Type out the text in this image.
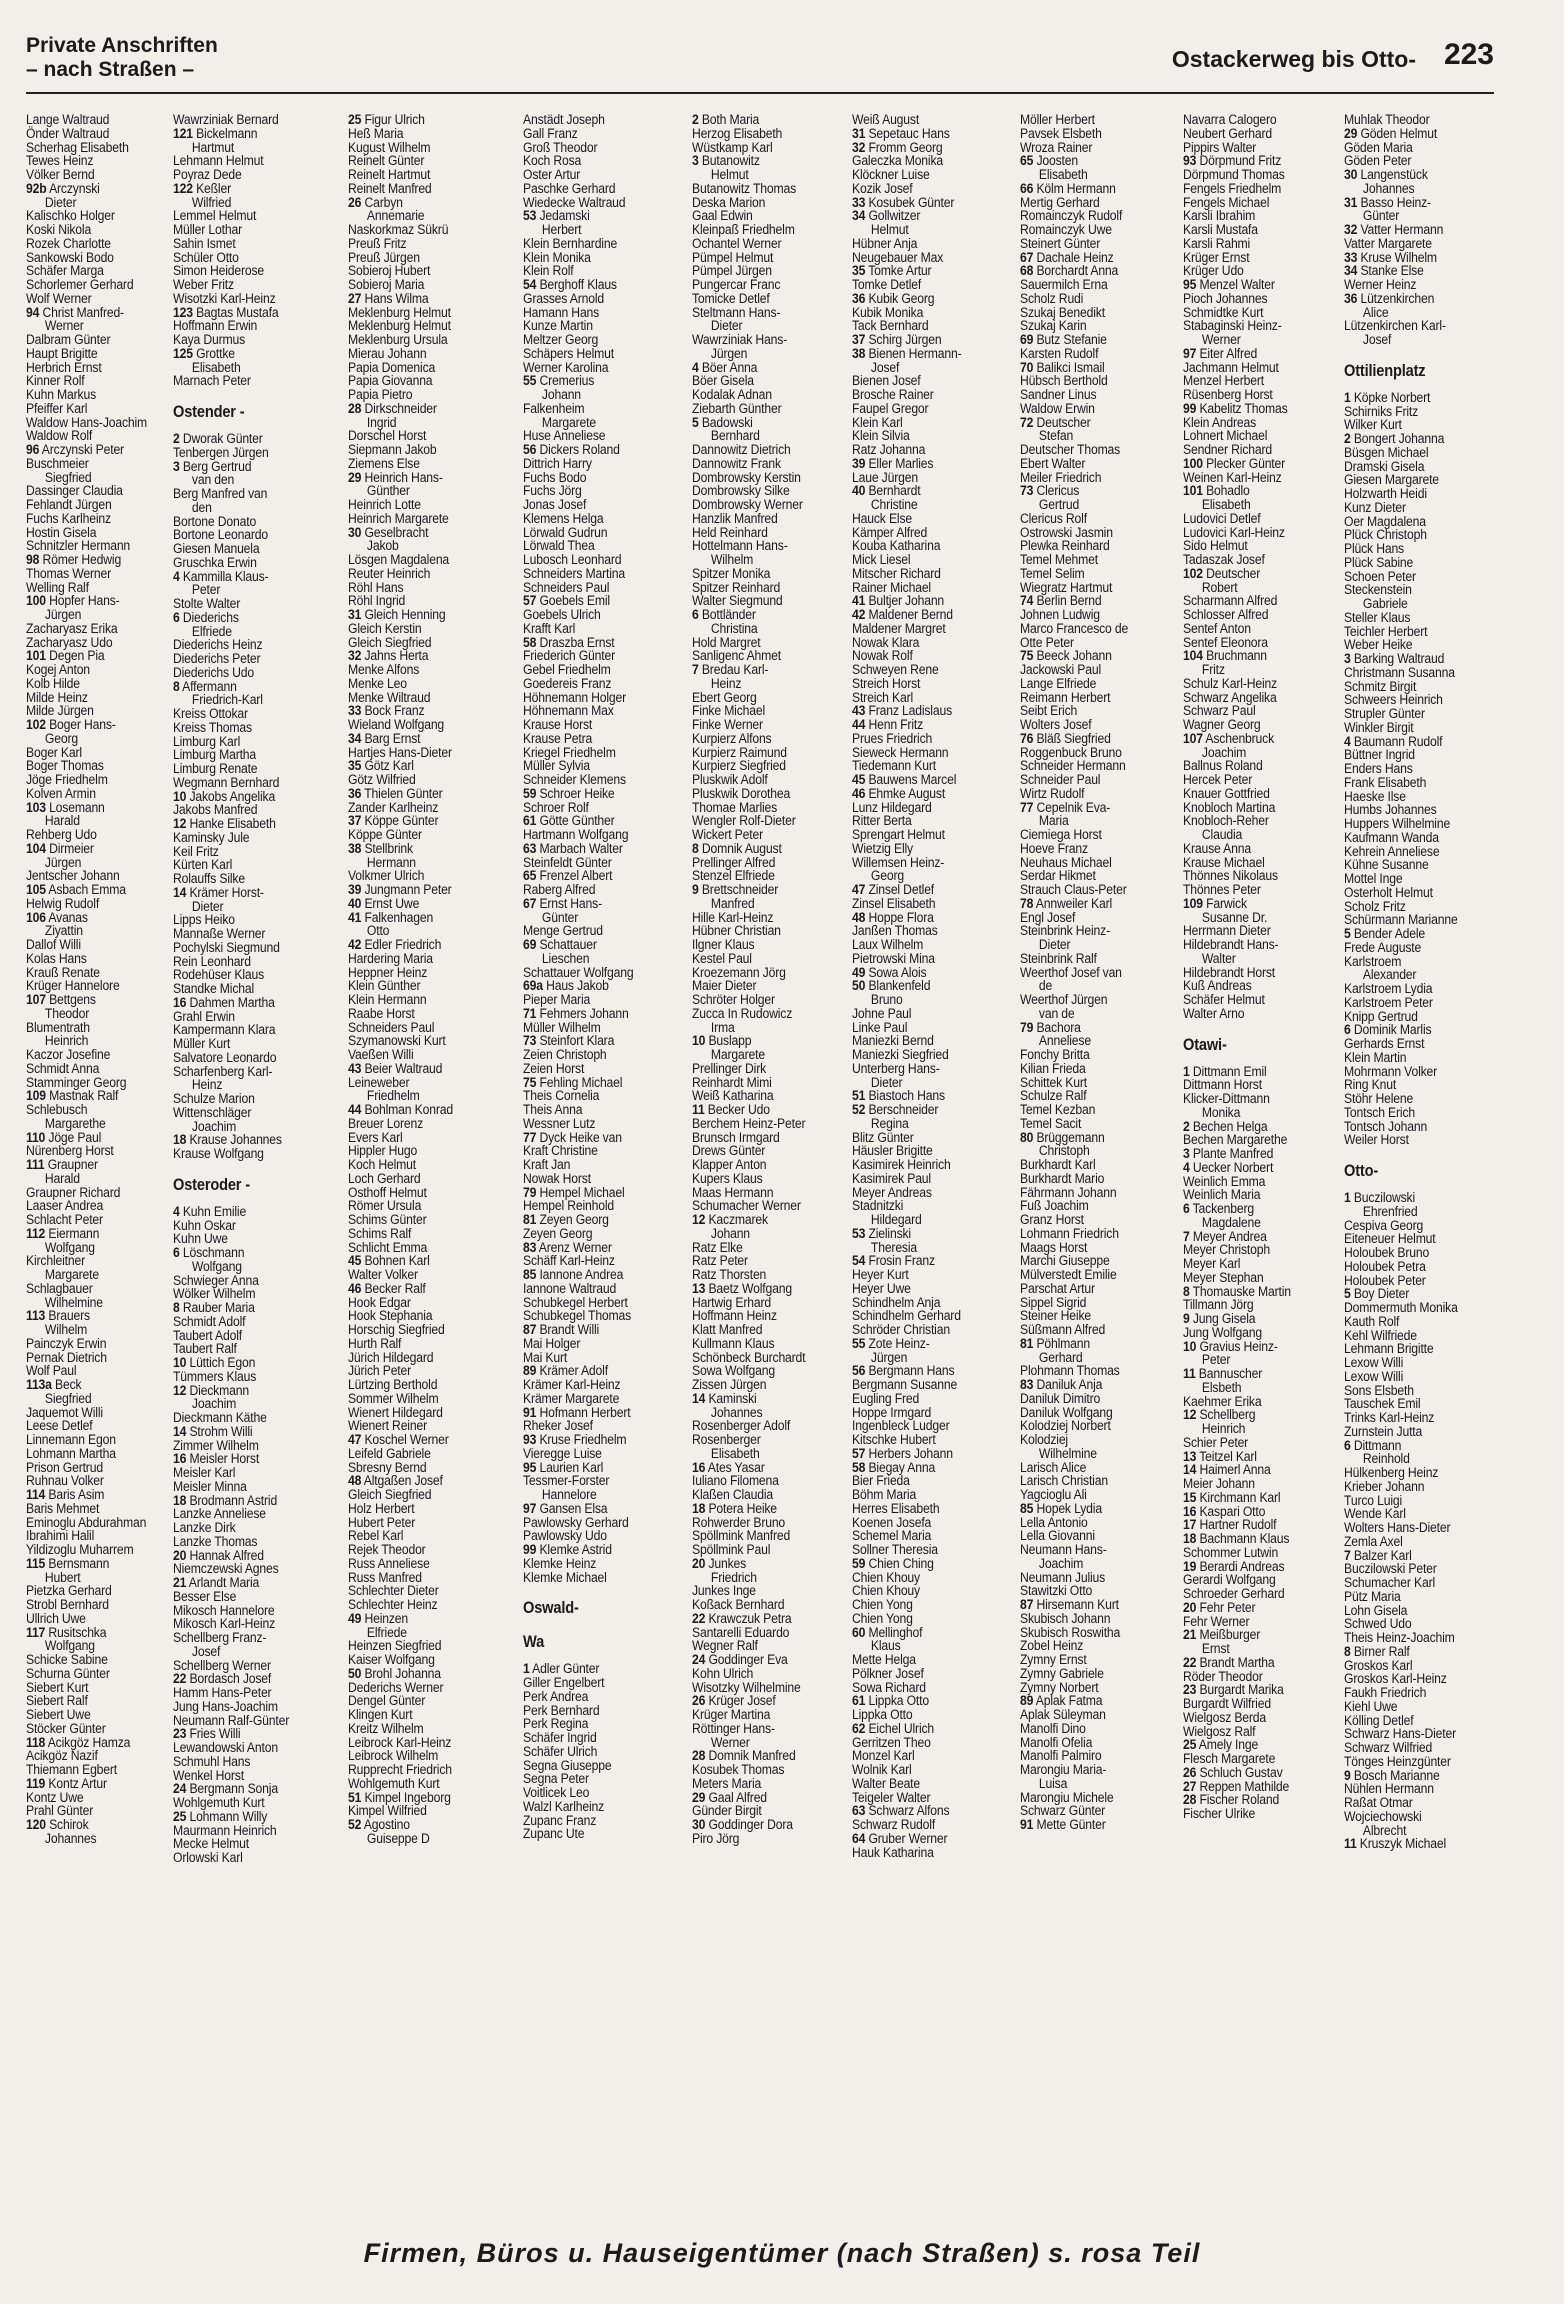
Private Anschriften
– nach Straßen –	Ostackerweg bis Otto- 223
Lange Waltraud
Önder Waltraud
Scherhag Elisabeth
Tewes Heinz
Völker Bernd
92b Arczynski
Dieter
Kalischko Holger
Koski Nikola
Rozek Charlotte
Sankowski Bodo
Schäfer Marga
Schorlemer Gerhard
Wolf Werner
94 Christ Manfred-
Werner
Dalbram Günter
Haupt Brigitte
Herbrich Ernst
Kinner Rolf
Kuhn Markus
Pfeiffer Karl
Waldow Hans-Joachim
Waldow Rolf
96 Arczynski Peter
Buschmeier
Siegfried
Dassinger Claudia
Fehlandt Jürgen
Fuchs Karlheinz
Hostin Gisela
Schnitzler Hermann
98 Römer Hedwig
Thomas Werner
Welling Ralf
100 Hopfer Hans-
Jürgen
Zacharyasz Erika
Zacharyasz Udo
101 Degen Pia
Kogej Anton
Kolb Hilde
Milde Heinz
Milde Jürgen
102 Boger Hans-
Georg
Boger Karl
Boger Thomas
Jöge Friedhelm
Kolven Armin
103 Losemann
Harald
Rehberg Udo
104 Dirmeier
Jürgen
Jentscher Johann
105 Asbach Emma
Helwig Rudolf
106 Avanas
Ziyattin
Dallof Willi
Kolas Hans
Krauß Renate
Krüger Hannelore
107 Bettgens
Theodor
Blumentrath
Heinrich
Kaczor Josefine
Schmidt Anna
Stamminger Georg
109 Mastnak Ralf
Schlebusch
Margarethe
110 Jöge Paul
Nürenberg Horst
111 Graupner
Harald
Graupner Richard
Laaser Andrea
Schlacht Peter
112 Eiermann
Wolfgang
Kirchleitner
Margarete
Schlagbauer
Wilhelmine
113 Brauers
Wilhelm
Painczyk Erwin
Pernak Dietrich
Wolf Paul
113a Beck
Siegfried
Jaquemot Willi
Leese Detlef
Linnemann Egon
Lohmann Martha
Prison Gertrud
Ruhnau Volker
114 Baris Asim
Baris Mehmet
Eminoglu Abdurahman
Ibrahimi Halil
Yildizoglu Muharrem
115 Bernsmann
Hubert
Pietzka Gerhard
Strobl Bernhard
Ullrich Uwe
117 Rusitschka
Wolfgang
Schicke Sabine
Schurna Günter
Siebert Kurt
Siebert Ralf
Siebert Uwe
Stöcker Günter
118 Acikgöz Hamza
Acikgöz Nazif
Thiemann Egbert
119 Kontz Artur
Kontz Uwe
Prahl Günter
120 Schirok
Johannes
Wawrziniak Bernard
121 Bickelmann
Hartmut
Lehmann Helmut
Poyraz Dede
122 Keßler
Wilfried
Lemmel Helmut
Müller Lothar
Sahin Ismet
Schüler Otto
Simon Heiderose
Weber Fritz
Wisotzki Karl-Heinz
123 Bagtas Mustafa
Hoffmann Erwin
Kaya Durmus
125 Grottke
Elisabeth
Marnach Peter
Ostender -
2 Dworak Günter
Tenbergen Jürgen
3 Berg Gertrud
van den
Berg Manfred van
den
Bortone Donato
Bortone Leonardo
Giesen Manuela
Gruschka Erwin
4 Kammilla Klaus-
Peter
Stolte Walter
6 Diederichs
Elfriede
Diederichs Heinz
Diederichs Peter
Diederichs Udo
8 Affermann
Friedrich-Karl
Kreiss Ottokar
Kreiss Thomas
Limburg Karl
Limburg Martha
Limburg Renate
Wegmann Bernhard
10 Jakobs Angelika
Jakobs Manfred
12 Hanke Elisabeth
Kaminsky Jule
Keil Fritz
Kürten Karl
Rolauffs Silke
14 Krämer Horst-
Dieter
Lipps Heiko
Mannaße Werner
Pochylski Siegmund
Rein Leonhard
Rodehüser Klaus
Standke Michal
16 Dahmen Martha
Grahl Erwin
Kampermann Klara
Müller Kurt
Salvatore Leonardo
Scharfenberg Karl-
Heinz
Schulze Marion
Wittenschläger
Joachim
18 Krause Johannes
Krause Wolfgang
Osteroder -
4 Kuhn Emilie
Kuhn Oskar
Kuhn Uwe
6 Löschmann
Wolfgang
Schwieger Anna
Wölker Wilhelm
8 Rauber Maria
Schmidt Adolf
Taubert Adolf
Taubert Ralf
10 Lüttich Egon
Tümmers Klaus
12 Dieckmann
Joachim
Dieckmann Käthe
14 Strohm Willi
Zimmer Wilhelm
16 Meisler Horst
Meisler Karl
Meisler Minna
18 Brodmann Astrid
Lanzke Anneliese
Lanzke Dirk
Lanzke Thomas
20 Hannak Alfred
Niemczewski Agnes
21 Arlandt Maria
Besser Else
Mikosch Hannelore
Mikosch Karl-Heinz
Schellberg Franz-
Josef
Schellberg Werner
22 Bordasch Josef
Hamm Hans-Peter
Jung Hans-Joachim
Neumann Ralf-Günter
23 Fries Willi
Lewandowski Anton
Schmuhl Hans
Wenkel Horst
24 Bergmann Sonja
Wohlgemuth Kurt
25 Lohmann Willy
Maurmann Heinrich
Mecke Helmut
Orlowski Karl
25 Figur Ulrich
Heß Maria
Kugust Wilhelm
Reinelt Günter
Reinelt Hartmut
Reinelt Manfred
26 Carbyn
Annemarie
Naskorkmaz Sükrü
Preuß Fritz
Preuß Jürgen
Sobieroj Hubert
Sobieroj Maria
27 Hans Wilma
Meklenburg Helmut
Meklenburg Helmut
Meklenburg Ursula
Mierau Johann
Papia Domenica
Papia Giovanna
Papia Pietro
28 Dirkschneider
Ingrid
Dorschel Horst
Siepmann Jakob
Ziemens Else
29 Heinrich Hans-
Günther
Heinrich Lotte
Heinrich Margarete
30 Geselbracht
Jakob
Lösgen Magdalena
Reuter Heinrich
Röhl Hans
Röhl Ingrid
31 Gleich Henning
Gleich Kerstin
Gleich Siegfried
32 Jahns Herta
Menke Alfons
Menke Leo
Menke Wiltraud
33 Bock Franz
Wieland Wolfgang
34 Barg Ernst
Hartjes Hans-Dieter
35 Götz Karl
Götz Wilfried
36 Thielen Günter
Zander Karlheinz
37 Köppe Günter
Köppe Günter
38 Stellbrink
Hermann
Volkmer Ulrich
39 Jungmann Peter
40 Ernst Uwe
41 Falkenhagen
Otto
42 Edler Friedrich
Hardering Maria
Heppner Heinz
Klein Günther
Klein Hermann
Raabe Horst
Schneiders Paul
Szymanowski Kurt
Vaeßen Willi
43 Beier Waltraud
Leineweber
Friedhelm
44 Bohlman Konrad
Breuer Lorenz
Evers Karl
Hippler Hugo
Koch Helmut
Loch Gerhard
Osthoff Helmut
Römer Ursula
Schims Günter
Schims Ralf
Schlicht Emma
45 Bohnen Karl
Walter Volker
46 Becker Ralf
Hook Edgar
Hook Stephania
Horschig Siegfried
Hurth Ralf
Jürich Hildegard
Jürich Peter
Lürtzing Berthold
Sommer Wilhelm
Wienert Hildegard
Wienert Reiner
47 Koschel Werner
Leifeld Gabriele
Sbresny Bernd
48 Altgaßen Josef
Gleich Siegfried
Holz Herbert
Hubert Peter
Rebel Karl
Rejek Theodor
Russ Anneliese
Russ Manfred
Schlechter Dieter
Schlechter Heinz
49 Heinzen
Elfriede
Heinzen Siegfried
Kaiser Wolfgang
50 Brohl Johanna
Dederichs Werner
Dengel Günter
Klingen Kurt
Kreitz Wilhelm
Leibrock Karl-Heinz
Leibrock Wilhelm
Rupprecht Friedrich
Wohlgemuth Kurt
51 Kimpel Ingeborg
Kimpel Wilfried
52 Agostino
Guiseppe D
Anstädt Joseph
Gall Franz
Groß Theodor
Koch Rosa
Oster Artur
Paschke Gerhard
Wiedecke Waltraud
53 Jedamski
Herbert
Klein Bernhardine
Klein Monika
Klein Rolf
54 Berghoff Klaus
Grasses Arnold
Hamann Hans
Kunze Martin
Meltzer Georg
Schäpers Helmut
Werner Karolina
55 Cremerius
Johann
Falkenheim
Margarete
Huse Anneliese
56 Dickers Roland
Dittrich Harry
Fuchs Bodo
Fuchs Jörg
Jonas Josef
Klemens Helga
Lörwald Gudrun
Lörwald Thea
Lubosch Leonhard
Schneiders Martina
Schneiders Paul
57 Goebels Emil
Goebels Ulrich
Krafft Karl
58 Draszba Ernst
Friederich Günter
Gebel Friedhelm
Goedereis Franz
Höhnemann Holger
Höhnemann Max
Krause Horst
Krause Petra
Kriegel Friedhelm
Müller Sylvia
Schneider Klemens
59 Schroer Heike
Schroer Rolf
61 Götte Günther
Hartmann Wolfgang
63 Marbach Walter
Steinfeldt Günter
65 Frenzel Albert
Raberg Alfred
67 Ernst Hans-
Günter
Menge Gertrud
69 Schattauer
Lieschen
Schattauer Wolfgang
69a Haus Jakob
Pieper Maria
71 Fehmers Johann
Müller Wilhelm
73 Steinfort Klara
Zeien Christoph
Zeien Horst
75 Fehling Michael
Theis Cornelia
Theis Anna
Wessner Lutz
77 Dyck Heike van
Kraft Christine
Kraft Jan
Nowak Horst
79 Hempel Michael
Hempel Reinhold
81 Zeyen Georg
Zeyen Georg
83 Arenz Werner
Schäff Karl-Heinz
85 Iannone Andrea
Iannone Waltraud
Schubkegel Herbert
Schubkegel Thomas
87 Brandt Willi
Mai Holger
Mai Kurt
89 Krämer Adolf
Krämer Karl-Heinz
Krämer Margarete
91 Hofmann Herbert
Rheker Josef
93 Kruse Friedhelm
Vieregge Luise
95 Laurien Karl
Tessmer-Forster
Hannelore
97 Gansen Elsa
Pawlowsky Gerhard
Pawlowsky Udo
99 Klemke Astrid
Klemke Heinz
Klemke Michael
Oswald-
Wa
1 Adler Günter
Giller Engelbert
Perk Andrea
Perk Bernhard
Perk Regina
Schäfer Ingrid
Schäfer Ulrich
Segna Giuseppe
Segna Peter
Voitlicek Leo
Walzl Karlheinz
Zupanc Franz
Zupanc Ute
2 Both Maria
Herzog Elisabeth
Wüstkamp Karl
3 Butanowitz
Helmut
Butanowitz Thomas
Deska Marion
Gaal Edwin
Kleinpaß Friedhelm
Ochantel Werner
Pümpel Helmut
Pümpel Jürgen
Pungercar Franc
Tomicke Detlef
Steltmann Hans-
Dieter
Wawrziniak Hans-
Jürgen
4 Böer Anna
Böer Gisela
Kodalak Adnan
Ziebarth Günther
5 Badowski
Bernhard
Dannowitz Dietrich
Dannowitz Frank
Dombrowsky Kerstin
Dombrowsky Silke
Dombrowsky Werner
Hanzlik Manfred
Held Reinhard
Hottelmann Hans-
Wilhelm
Spitzer Monika
Spitzer Reinhard
Walter Siegmund
6 Bottländer
Christina
Hold Margret
Sanligenc Ahmet
7 Bredau Karl-
Heinz
Ebert Georg
Finke Michael
Finke Werner
Kurpierz Alfons
Kurpierz Raimund
Kurpierz Siegfried
Pluskwik Adolf
Pluskwik Dorothea
Thomae Marlies
Wengler Rolf-Dieter
Wickert Peter
8 Domnik August
Prellinger Alfred
Stenzel Elfriede
9 Brettschneider
Manfred
Hille Karl-Heinz
Hübner Christian
Ilgner Klaus
Kestel Paul
Kroezemann Jörg
Maier Dieter
Schröter Holger
Zucca In Rudowicz
Irma
10 Buslapp
Margarete
Prellinger Dirk
Reinhardt Mimi
Weiß Katharina
11 Becker Udo
Berchem Heinz-Peter
Brunsch Irmgard
Drews Günter
Klapper Anton
Kupers Klaus
Maas Hermann
Schumacher Werner
12 Kaczmarek
Johann
Ratz Elke
Ratz Peter
Ratz Thorsten
13 Baetz Wolfgang
Hartwig Erhard
Hoffmann Heinz
Klatt Manfred
Kullmann Klaus
Schönbeck Burchardt
Sowa Wolfgang
Zissen Jürgen
14 Kaminski
Johannes
Rosenberger Adolf
Rosenberger
Elisabeth
16 Ates Yasar
Iuliano Filomena
Klaßen Claudia
18 Potera Heike
Rohwerder Bruno
Spöllmink Manfred
Spöllmink Paul
20 Junkes
Friedrich
Junkes Inge
Koßack Bernhard
22 Krawczuk Petra
Santarelli Eduardo
Wegner Ralf
24 Goddinger Eva
Kohn Ulrich
Wisotzky Wilhelmine
26 Krüger Josef
Krüger Martina
Röttinger Hans-
Werner
28 Domnik Manfred
Kosubek Thomas
Meters Maria
29 Gaal Alfred
Günder Birgit
30 Goddinger Dora
Piro Jörg
Weiß August
31 Sepetauc Hans
32 Fromm Georg
Galeczka Monika
Klöckner Luise
Kozik Josef
33 Kosubek Günter
34 Gollwitzer
Helmut
Hübner Anja
Neugebauer Max
35 Tomke Artur
Tomke Detlef
36 Kubik Georg
Kubik Monika
Tack Bernhard
37 Schirg Jürgen
38 Bienen Hermann-
Josef
Bienen Josef
Brosche Rainer
Faupel Gregor
Klein Karl
Klein Silvia
Ratz Johanna
39 Eller Marlies
Laue Jürgen
40 Bernhardt
Christine
Hauck Else
Kämper Alfred
Kouba Katharina
Mick Liesel
Mitscher Richard
Rainer Michael
41 Bultjer Johann
42 Maldener Bernd
Maldener Margret
Nowak Klara
Nowak Rolf
Schweyen Rene
Streich Horst
Streich Karl
43 Franz Ladislaus
44 Henn Fritz
Prues Friedrich
Sieweck Hermann
Tiedemann Kurt
45 Bauwens Marcel
46 Ehmke August
Lunz Hildegard
Ritter Berta
Sprengart Helmut
Wietzig Elly
Willemsen Heinz-
Georg
47 Zinsel Detlef
Zinsel Elisabeth
48 Hoppe Flora
Janßen Thomas
Laux Wilhelm
Pietrowski Mina
49 Sowa Alois
50 Blankenfeld
Bruno
Johne Paul
Linke Paul
Maniezki Bernd
Maniezki Siegfried
Unterberg Hans-
Dieter
51 Biastoch Hans
52 Berschneider
Regina
Blitz Günter
Häusler Brigitte
Kasimirek Heinrich
Kasimirek Paul
Meyer Andreas
Stadnitzki
Hildegard
53 Zielinski
Theresia
54 Frosin Franz
Heyer Kurt
Heyer Uwe
Schindhelm Anja
Schindhelm Gerhard
Schröder Christian
55 Zote Heinz-
Jürgen
56 Bergmann Hans
Bergmann Susanne
Eugling Fred
Hoppe Irmgard
Ingenbleck Ludger
Kitschke Hubert
57 Herbers Johann
58 Biegay Anna
Bier Frieda
Böhm Maria
Herres Elisabeth
Koenen Josefa
Schemel Maria
Sollner Theresia
59 Chien Ching
Chien Khouy
Chien Khouy
Chien Yong
Chien Yong
60 Mellinghof
Klaus
Mette Helga
Pölkner Josef
Sowa Richard
61 Lippka Otto
Lippka Otto
62 Eichel Ulrich
Gerritzen Theo
Monzel Karl
Wolnik Karl
Walter Beate
Teigeler Walter
63 Schwarz Alfons
Schwarz Rudolf
64 Gruber Werner
Hauk Katharina
Möller Herbert
Pavsek Elsbeth
Wroza Rainer
65 Joosten
Elisabeth
66 Kölm Hermann
Mertig Gerhard
Romainczyk Rudolf
Romainczyk Uwe
Steinert Günter
67 Dachale Heinz
68 Borchardt Anna
Sauermilch Erna
Scholz Rudi
Szukaj Benedikt
Szukaj Karin
69 Butz Stefanie
Karsten Rudolf
70 Balikci Ismail
Hübsch Berthold
Sandner Linus
Waldow Erwin
72 Deutscher
Stefan
Deutscher Thomas
Ebert Walter
Meiler Friedrich
73 Clericus
Gertrud
Clericus Rolf
Ostrowski Jasmin
Plewka Reinhard
Temel Mehmet
Temel Selim
Wiegratz Hartmut
74 Berlin Bernd
Johnen Ludwig
Marco Francesco de
Otte Peter
75 Beeck Johann
Jackowski Paul
Lange Elfriede
Reimann Herbert
Seibt Erich
Wolters Josef
76 Bläß Siegfried
Roggenbuck Bruno
Schneider Hermann
Schneider Paul
Wirtz Rudolf
77 Cepelnik Eva-
Maria
Ciemiega Horst
Hoeve Franz
Neuhaus Michael
Serdar Hikmet
Strauch Claus-Peter
78 Annweiler Karl
Engl Josef
Steinbrink Heinz-
Dieter
Steinbrink Ralf
Weerthof Josef van
de
Weerthof Jürgen
van de
79 Bachora
Anneliese
Fonchy Britta
Kilian Frieda
Schittek Kurt
Schulze Ralf
Temel Kezban
Temel Sacit
80 Brüggemann
Christoph
Burkhardt Karl
Burkhardt Mario
Fährmann Johann
Fuß Joachim
Granz Horst
Lohmann Friedrich
Maags Horst
Marchi Giuseppe
Mülverstedt Emilie
Parschat Artur
Sippel Sigrid
Steiner Heike
Süßmann Alfred
81 Pöhlmann
Gerhard
Plohmann Thomas
83 Daniluk Anja
Daniluk Dimitro
Daniluk Wolfgang
Kolodziej Norbert
Kolodziej
Wilhelmine
Larisch Alice
Larisch Christian
Yagcioglu Ali
85 Hopek Lydia
Lella Antonio
Lella Giovanni
Neumann Hans-
Joachim
Neumann Julius
Stawitzki Otto
87 Hirsemann Kurt
Skubisch Johann
Skubisch Roswitha
Zobel Heinz
Zymny Ernst
Zymny Gabriele
Zymny Norbert
89 Aplak Fatma
Aplak Süleyman
Manolfi Dino
Manolfi Ofelia
Manolfi Palmiro
Marongiu Maria-
Luisa
Marongiu Michele
Schwarz Günter
91 Mette Günter
Navarra Calogero
Neubert Gerhard
Pippirs Walter
93 Dörpmund Fritz
Dörpmund Thomas
Fengels Friedhelm
Fengels Michael
Karsli Ibrahim
Karsli Mustafa
Karsli Rahmi
Krüger Ernst
Krüger Udo
95 Menzel Walter
Pioch Johannes
Schmidtke Kurt
Stabaginski Heinz-
Werner
97 Eiter Alfred
Jachmann Helmut
Menzel Herbert
Rüsenberg Horst
99 Kabelitz Thomas
Klein Andreas
Lohnert Michael
Sendner Richard
100 Plecker Günter
Weinen Karl-Heinz
101 Bohadlo
Elisabeth
Ludovici Detlef
Ludovici Karl-Heinz
Sido Helmut
Tadaszak Josef
102 Deutscher
Robert
Scharmann Alfred
Schlosser Alfred
Sentef Anton
Sentef Eleonora
104 Bruchmann
Fritz
Schulz Karl-Heinz
Schwarz Angelika
Schwarz Paul
Wagner Georg
107 Aschenbruck
Joachim
Ballnus Roland
Hercek Peter
Knauer Gottfried
Knobloch Martina
Knobloch-Reher
Claudia
Krause Anna
Krause Michael
Thönnes Nikolaus
Thönnes Peter
109 Farwick
Susanne Dr.
Herrmann Dieter
Hildebrandt Hans-
Walter
Hildebrandt Horst
Kuß Andreas
Schäfer Helmut
Walter Arno
Otawi-
1 Dittmann Emil
Dittmann Horst
Klicker-Dittmann
Monika
2 Bechen Helga
Bechen Margarethe
3 Plante Manfred
4 Uecker Norbert
Weinlich Emma
Weinlich Maria
6 Tackenberg
Magdalene
7 Meyer Andrea
Meyer Christoph
Meyer Karl
Meyer Stephan
8 Thomauske Martin
Tillmann Jörg
9 Jung Gisela
Jung Wolfgang
10 Gravius Heinz-
Peter
11 Bannuscher
Elsbeth
Kaehmer Erika
12 Schellberg
Heinrich
Schier Peter
13 Teitzel Karl
14 Haimerl Anna
Meier Johann
15 Kirchmann Karl
16 Kaspari Otto
17 Hartner Rudolf
18 Bachmann Klaus
Schommer Lutwin
19 Berardi Andreas
Gerardi Wolfgang
Schroeder Gerhard
20 Fehr Peter
Fehr Werner
21 Meißburger
Ernst
22 Brandt Martha
Röder Theodor
23 Burgardt Marika
Burgardt Wilfried
Wielgosz Berda
Wielgosz Ralf
25 Amely Inge
Flesch Margarete
26 Schluch Gustav
27 Reppen Mathilde
28 Fischer Roland
Fischer Ulrike
Muhlak Theodor
29 Göden Helmut
Göden Maria
Göden Peter
30 Langenstück
Johannes
31 Basso Heinz-
Günter
32 Vatter Hermann
Vatter Margarete
33 Kruse Wilhelm
34 Stanke Else
Werner Heinz
36 Lützenkirchen
Alice
Lützenkirchen Karl-
Josef
Ottilienplatz
1 Köpke Norbert
Schirniks Fritz
Wilker Kurt
2 Bongert Johanna
Büsgen Michael
Dramski Gisela
Giesen Margarete
Holzwarth Heidi
Kunz Dieter
Oer Magdalena
Plück Christoph
Plück Hans
Plück Sabine
Schoen Peter
Steckenstein
Gabriele
Steller Klaus
Teichler Herbert
Weber Heike
3 Barking Waltraud
Christmann Susanna
Schmitz Birgit
Schweers Heinrich
Strupler Günter
Winkler Birgit
4 Baumann Rudolf
Büttner Ingrid
Enders Hans
Frank Elisabeth
Haeske Ilse
Humbs Johannes
Huppers Wilhelmine
Kaufmann Wanda
Kehrein Anneliese
Kühne Susanne
Mottel Inge
Osterholt Helmut
Scholz Fritz
Schürmann Marianne
5 Bender Adele
Frede Auguste
Karlstroem
Alexander
Karlstroem Lydia
Karlstroem Peter
Knipp Gertrud
6 Dominik Marlis
Gerhards Ernst
Klein Martin
Mohrmann Volker
Ring Knut
Stöhr Helene
Tontsch Erich
Tontsch Johann
Weiler Horst
Otto-
1 Buczilowski
Ehrenfried
Cespiva Georg
Eiteneuer Helmut
Holoubek Bruno
Holoubek Petra
Holoubek Peter
5 Boy Dieter
Dommermuth Monika
Kauth Rolf
Kehl Wilfriede
Lehmann Brigitte
Lexow Willi
Lexow Willi
Sons Elsbeth
Tauschek Emil
Trinks Karl-Heinz
Zurnstein Jutta
6 Dittmann
Reinhold
Hülkenberg Heinz
Krieber Johann
Turco Luigi
Wende Karl
Wolters Hans-Dieter
Zemla Axel
7 Balzer Karl
Buczilowski Peter
Schumacher Karl
Pütz Maria
Lohn Gisela
Schwed Udo
Theis Heinz-Joachim
8 Birner Ralf
Groskos Karl
Groskos Karl-Heinz
Faukh Friedrich
Kiehl Uwe
Kölling Detlef
Schwarz Hans-Dieter
Schwarz Wilfried
Tönges Heinzgünter
9 Bosch Marianne
Nühlen Hermann
Raßat Otmar
Wojciechowski
Albrecht
11 Kruszyk Michael
Firmen, Büros u. Hauseigentümer (nach Straßen) s. rosa Teil
